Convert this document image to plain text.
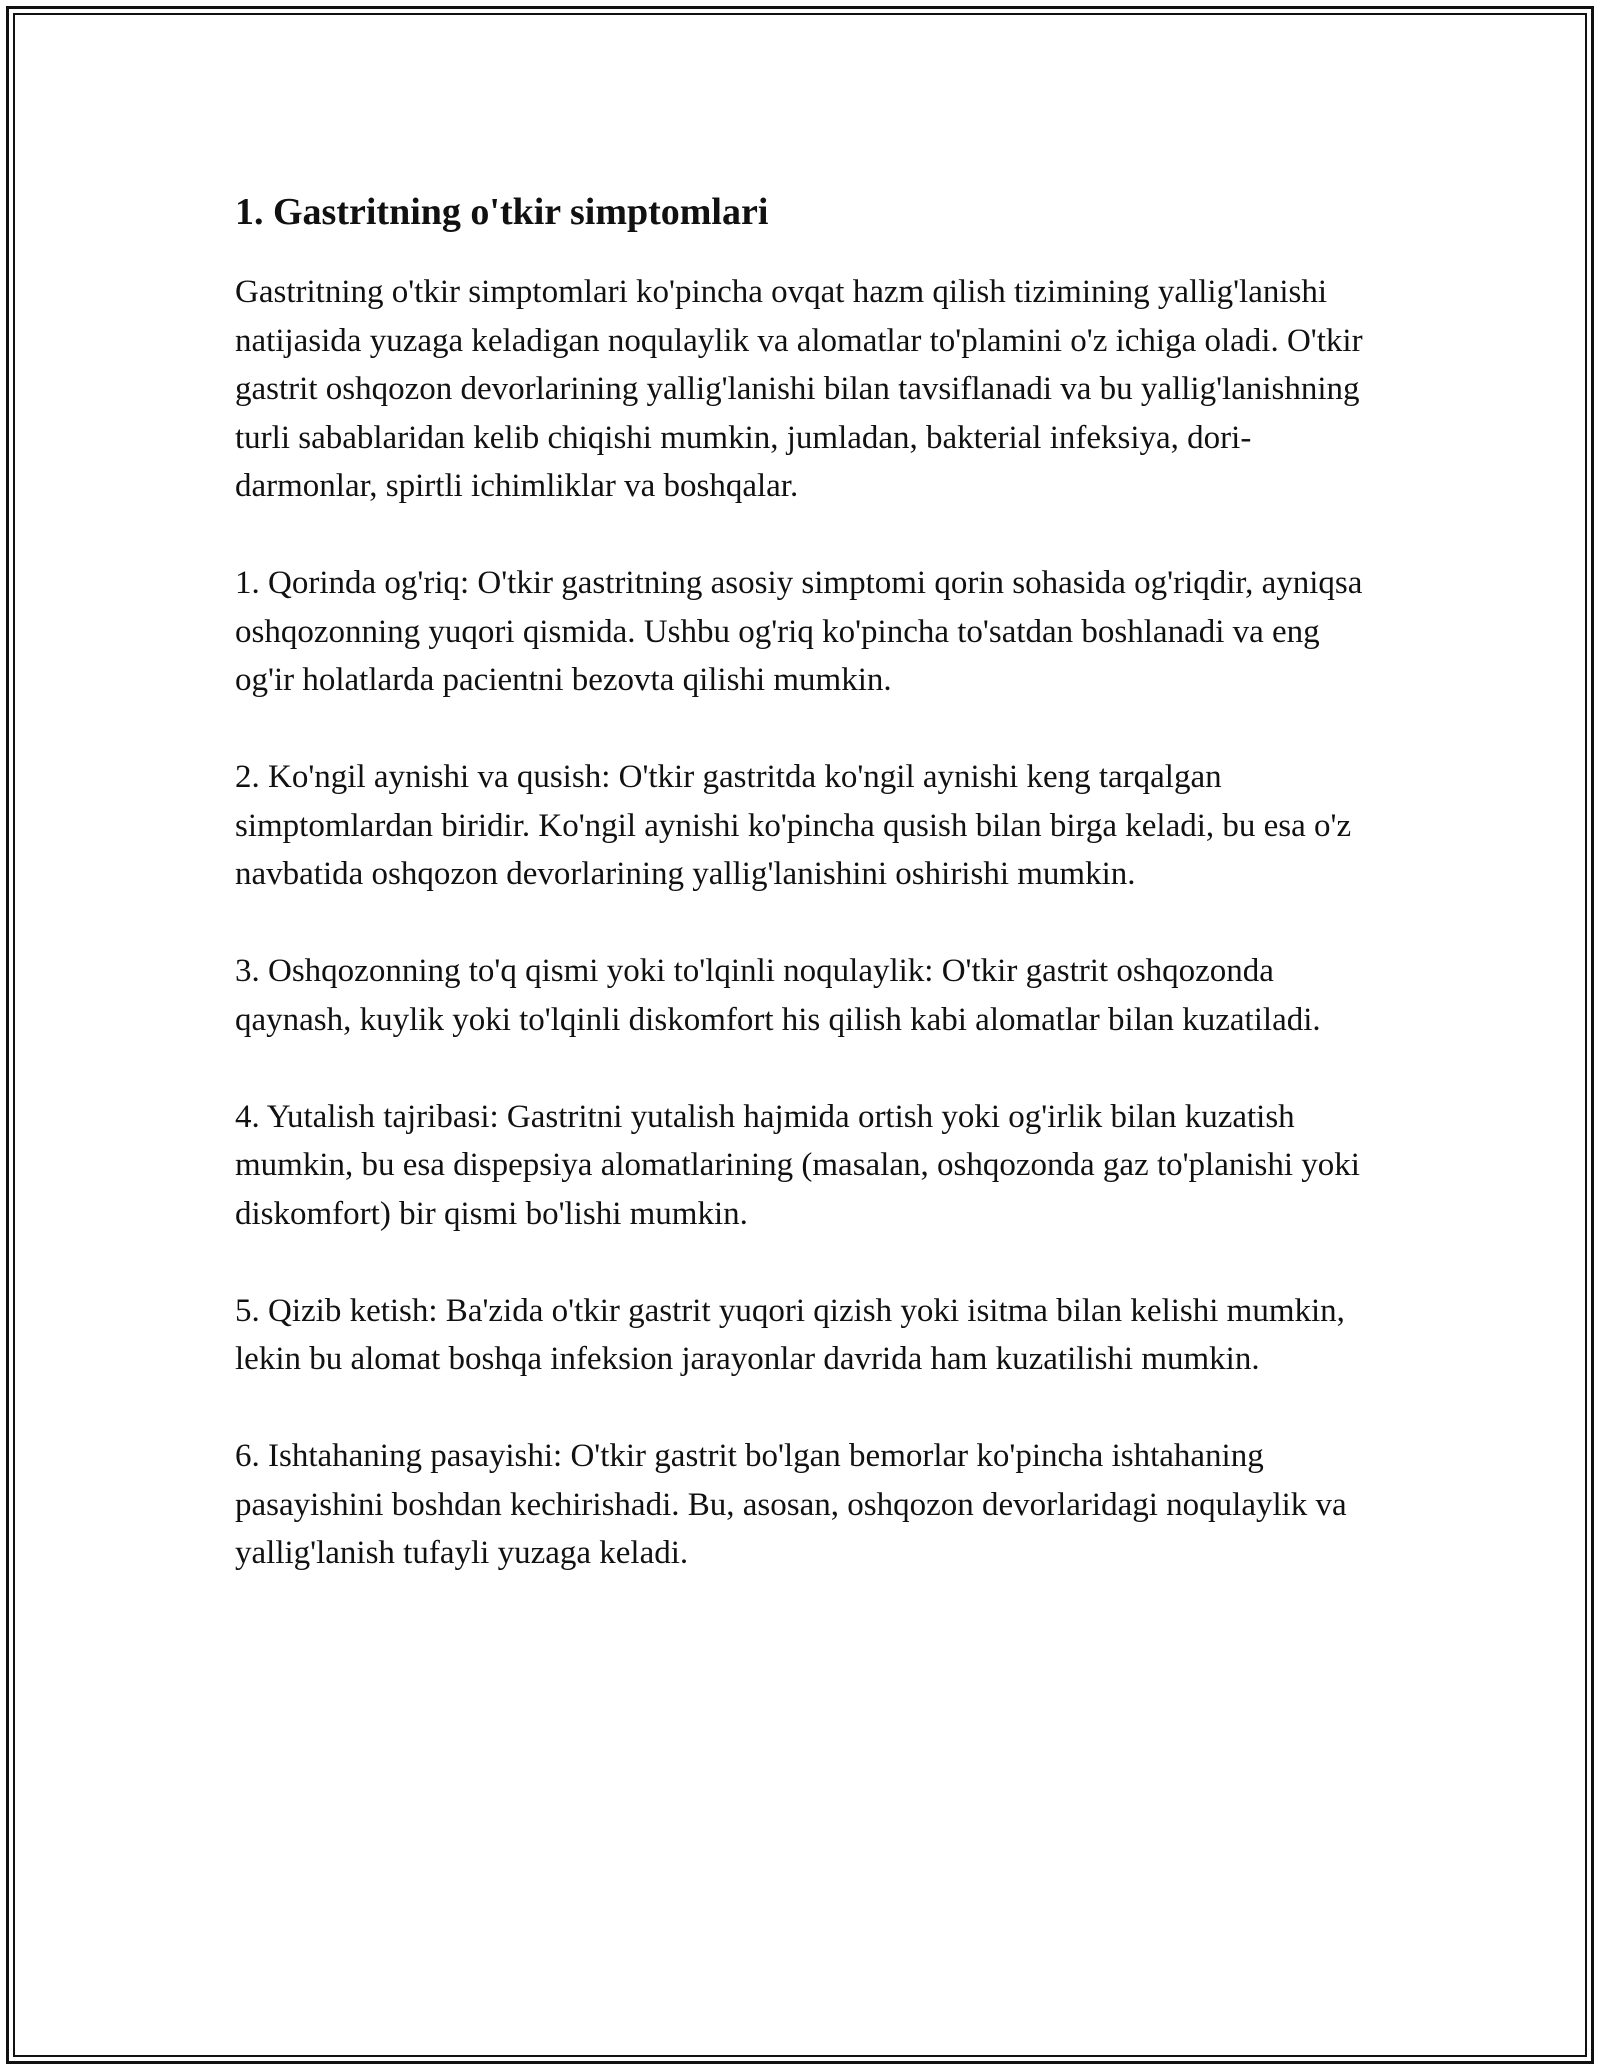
1. Gastritning o'tkir simptomlari

Gastritning o'tkir simptomlari ko'pincha ovqat hazm qilish tizimining yallig'lanishi natijasida yuzaga keladigan noqulaylik va alomatlar to'plamini o'z ichiga oladi. O'tkir gastrit oshqozon devorlarining yallig'lanishi bilan tavsiflanadi va bu yallig'lanishning turli sabablaridan kelib chiqishi mumkin, jumladan, bakterial infeksiya, dori-darmonlar, spirtli ichimliklar va boshqalar.

1. Qorinda og'riq: O'tkir gastritning asosiy simptomi qorin sohasida og'riqdir, ayniqsa oshqozonning yuqori qismida. Ushbu og'riq ko'pincha to'satdan boshlanadi va eng og'ir holatlarda pacientni bezovta qilishi mumkin.

2. Ko'ngil aynishi va qusish: O'tkir gastritda ko'ngil aynishi keng tarqalgan simptomlardan biridir. Ko'ngil aynishi ko'pincha qusish bilan birga keladi, bu esa o'z navbatida oshqozon devorlarining yallig'lanishini oshirishi mumkin.

3. Oshqozonning to'q qismi yoki to'lqinli noqulaylik: O'tkir gastrit oshqozonda qaynash, kuylik yoki to'lqinli diskomfort his qilish kabi alomatlar bilan kuzatiladi.

4. Yutalish tajribasi: Gastritni yutalish hajmida ortish yoki og'irlik bilan kuzatish mumkin, bu esa dispepsiya alomatlarining (masalan, oshqozonda gaz to'planishi yoki diskomfort) bir qismi bo'lishi mumkin.

5. Qizib ketish: Ba'zida o'tkir gastrit yuqori qizish yoki isitma bilan kelishi mumkin, lekin bu alomat boshqa infeksion jarayonlar davrida ham kuzatilishi mumkin.

6. Ishtahaning pasayishi: O'tkir gastrit bo'lgan bemorlar ko'pincha ishtahaning pasayishini boshdan kechirishadi. Bu, asosan, oshqozon devorlaridagi noqulaylik va yallig'lanish tufayli yuzaga keladi.
